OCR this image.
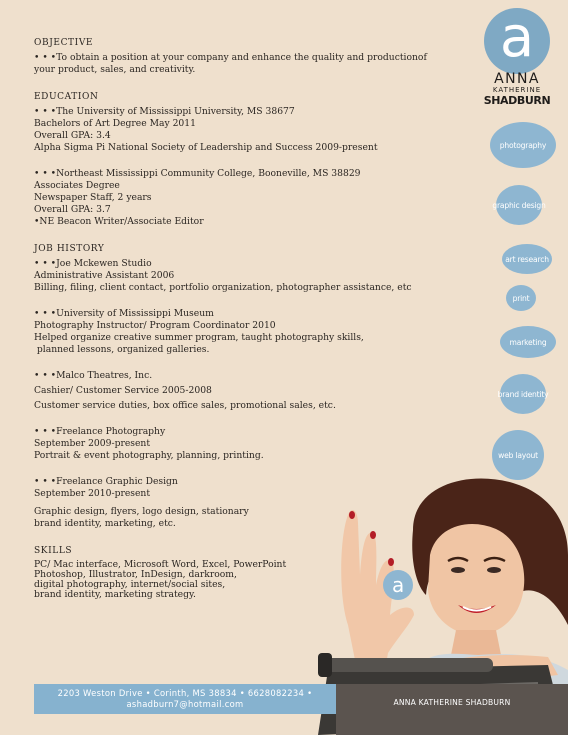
OBJECTIVE
• • •To obtain a position at your company and enhance the quality and productionof
your product, sales, and creativity.
EDUCATION
• • •The University of Mississippi University, MS 38677
Bachelors of Art Degree May 2011
Overall GPA: 3.4
Alpha Sigma Pi National Society of Leadership and Success 2009-present
• • •Northeast Mississippi Community College, Booneville, MS 38829
Associates Degree
Newspaper Staff, 2 years
Overall GPA: 3.7
•NE Beacon Writer/Associate Editor
JOB HISTORY
• • •Joe Mckewen Studio
Administrative Assistant 2006
Billing, filing, client contact, portfolio organization, photographer assistance, etc
• • •University of Mississippi Museum
Photography Instructor/ Program Coordinator 2010
Helped organize creative summer program, taught photography skills,
planned lessons, organized galleries.
• • •Malco Theatres, Inc.
Cashier/ Customer Service 2005-2008
Customer service duties, box office sales, promotional sales, etc.
• • •Freelance Photography
September 2009-present
Portrait & event photography, planning, printing.
• • •Freelance Graphic Design
September 2010-present
Graphic design, flyers, logo design, stationary
brand identity, marketing, etc.
SKILLS
PC/ Mac interface, Microsoft Word, Excel, PowerPoint
Photoshop, Illustrator, InDesign, darkroom,
digital photography, internet/social sites,
brand identity, marketing strategy.
a
ANNA
KATHERINE
SHADBURN
photography
graphic design
art research
print
marketing
brand identity
web layout
a
2203 Weston Drive • Corinth, MS 38834 • 6628082234 •
ashadburn7@hotmail.com	ANNA KATHERINE SHADBURN
